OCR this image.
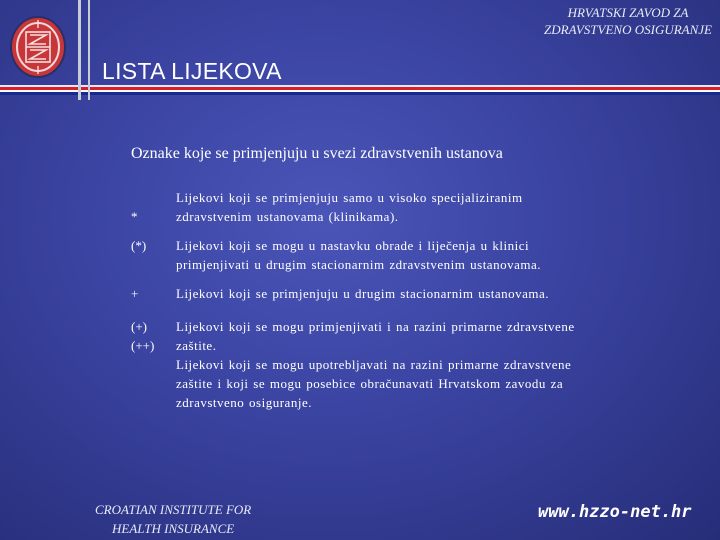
HRVATSKI ZAVOD ZA
ZDRAVSTVENO OSIGURANJE
LISTA LIJEKOVA
Oznake koje se primjenjuju u svezi zdravstvenih ustanova
*
Lijekovi koji se primjenjuju samo u visoko specijaliziranim zdravstvenim ustanovama (klinikama).
(*)	Lijekovi koji se mogu u nastavku obrade i liječenja u klinici primjenjivati u drugim stacionarnim zdravstvenim ustanovama.
+	Lijekovi koji se primjenjuju u drugim stacionarnim ustanovama.
(+)
(++)
Lijekovi koji se mogu primjenjivati i na razini primarne zdravstvene zaštite.
Lijekovi koji se mogu upotrebljavati na razini primarne zdravstvene zaštite i koji se mogu posebice obračunavati Hrvatskom zavodu za zdravstveno osiguranje.
CROATIAN INSTITUTE FOR
HEALTH INSURANCE
www.hzzo-net.hr
